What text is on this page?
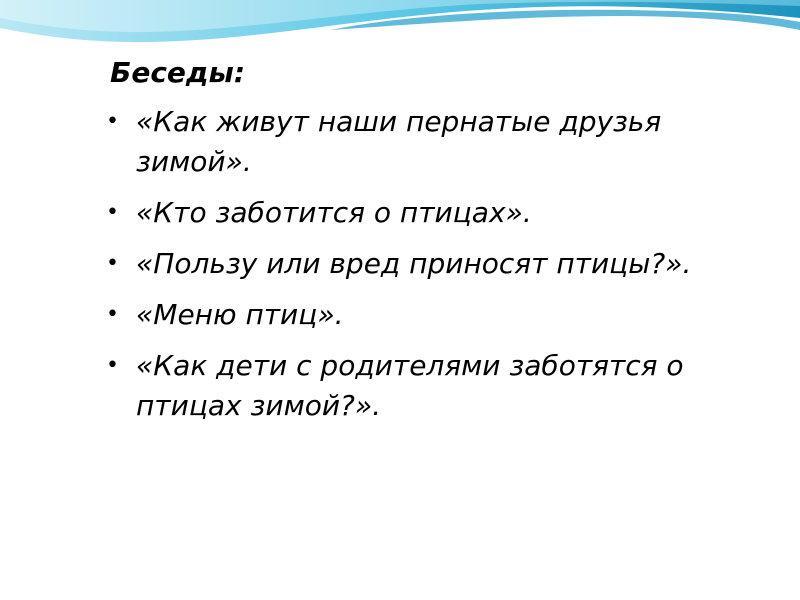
Беседы:
• «Как живут наши пернатые друзья зимой».
• «Кто заботится о птицах».
• «Пользу или вред приносят птицы?».
• «Меню птиц».
• «Как дети с родителями заботятся о птицах зимой?».
